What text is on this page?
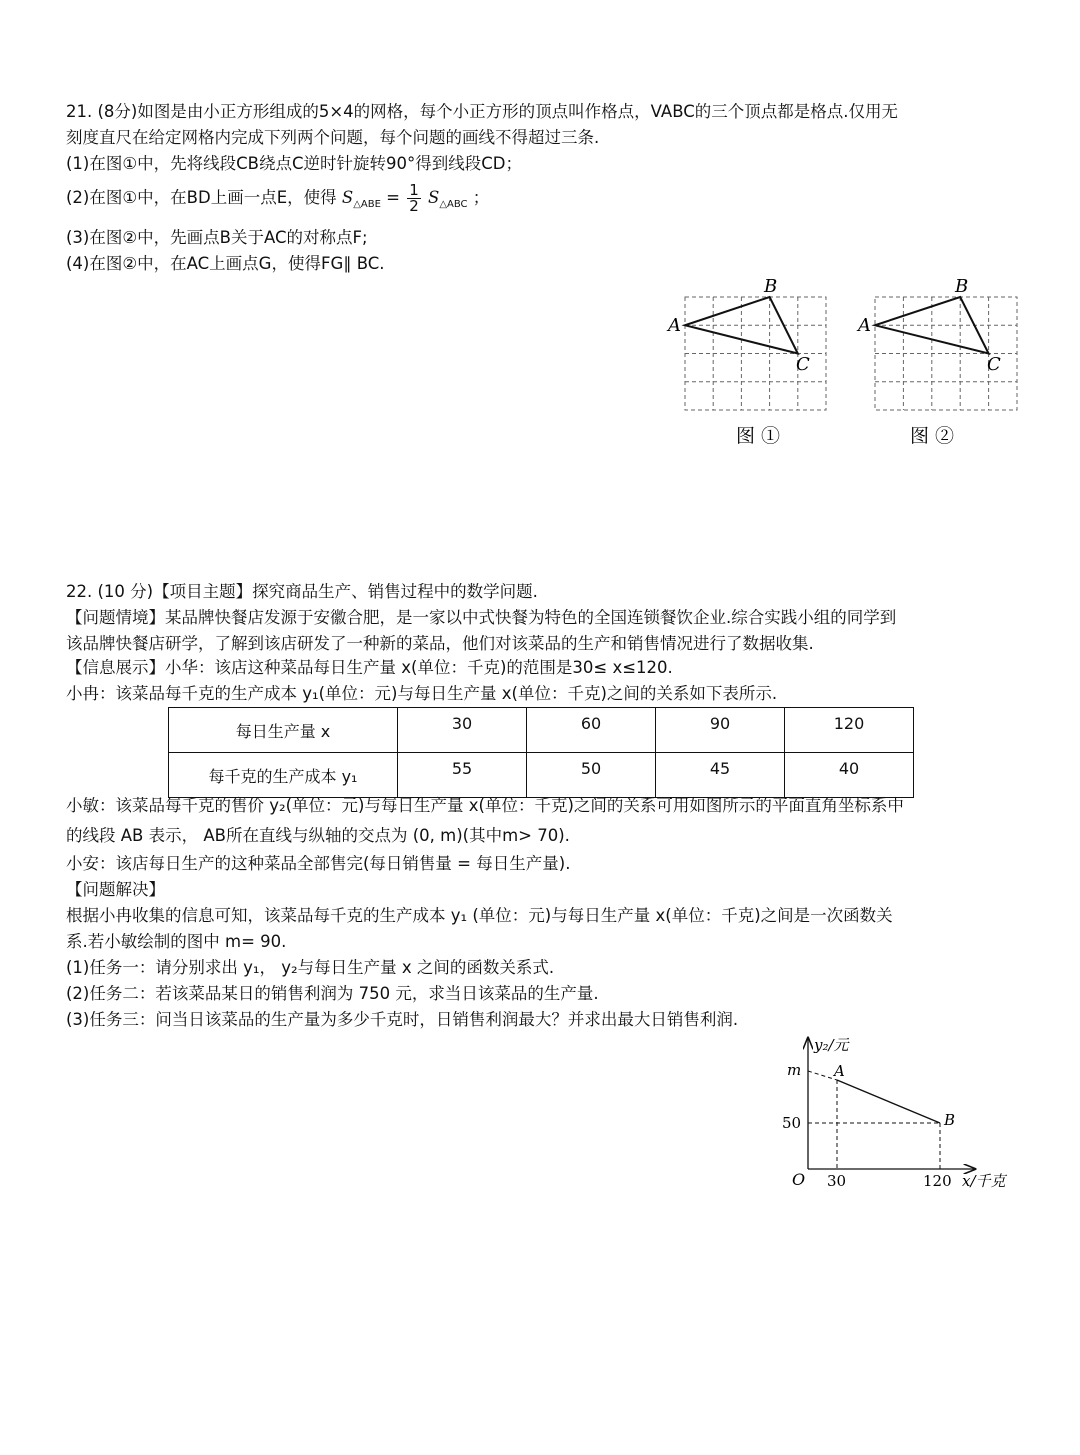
21. (8分)如图是由小正方形组成的5×4的网格，每个小正方形的顶点叫作格点，VABC的三个顶点都是格点.仅用无
刻度直尺在给定网格内完成下列两个问题，每个问题的画线不得超过三条.
(1)在图①中，先将线段CB绕点C逆时针旋转90°得到线段CD；
(2)在图①中，在BD上画一点E，使得 $S_{\triangle ABE} = \frac{1}{2} S_{\triangle ABC}$ ；
(3)在图②中，先画点B关于AC的对称点F;
(4)在图②中，在AC上画点G，使得FG∥ BC.
A
B
C
图 ①
A
B
C
图 ②
22. (10 分)【项目主题】探究商品生产、销售过程中的数学问题.
【问题情境】某品牌快餐店发源于安徽合肥，是一家以中式快餐为特色的全国连锁餐饮企业.综合实践小组的同学到
该品牌快餐店研学，了解到该店研发了一种新的菜品，他们对该菜品的生产和销售情况进行了数据收集.
【信息展示】小华：该店这种菜品每日生产量 x(单位：千克)的范围是30≤ x≤120.
小冉：该菜品每千克的生产成本 y₁(单位：元)与每日生产量 x(单位：千克)之间的关系如下表所示.
每日生产量 x	30	60	90	120
每千克的生产成本 y₁	55	50	45	40
小敏：该菜品每千克的售价 y₂(单位：元)与每日生产量 x(单位：千克)之间的关系可用如图所示的平面直角坐标系中
的线段 AB 表示， AB所在直线与纵轴的交点为 (0, m)(其中m> 70).
小安：该店每日生产的这种菜品全部售完(每日销售量 = 每日生产量).
【问题解决】
根据小冉收集的信息可知，该菜品每千克的生产成本 y₁ (单位：元)与每日生产量 x(单位：千克)之间是一次函数关
系.若小敏绘制的图中 m= 90.
(1)任务一：请分别求出 y₁， y₂与每日生产量 x 之间的函数关系式.
(2)任务二：若该菜品某日的销售利润为 750 元，求当日该菜品的生产量.
(3)任务三：问当日该菜品的生产量为多少千克时，日销售利润最大？并求出最大日销售利润.
y₂/元
x/千克
O
m
50
30	120
A
B
